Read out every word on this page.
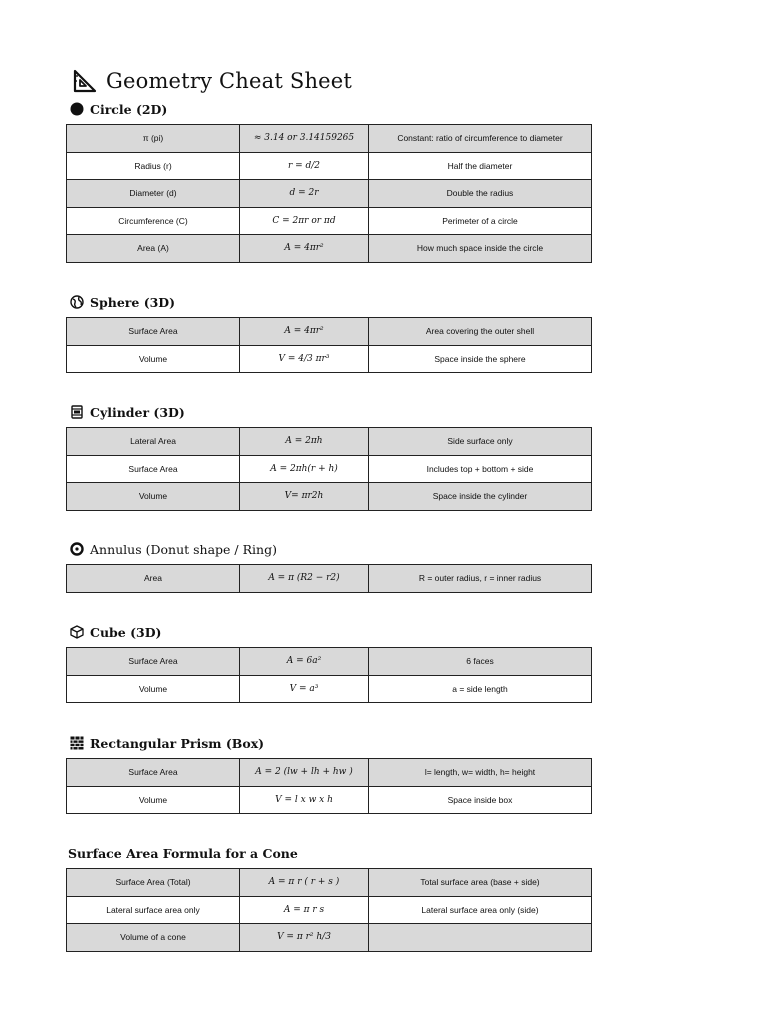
Geometry Cheat Sheet
Circle (2D)
π (pi)	≈ 3.14 or 3.14159265	Constant: ratio of circumference to diameter
Radius (r)	r = d/2	Half the diameter
Diameter (d)	d = 2r	Double the radius
Circumference (C)	C = 2πr or πd	Perimeter of a circle
Area (A)	A = 4πr²	How much space inside the circle
Sphere (3D)
Surface Area	A = 4πr²	Area covering the outer shell
Volume	V = 4/3 πr³	Space inside the sphere
Cylinder (3D)
Lateral Area	A = 2πh	Side surface only
Surface Area	A = 2πh(r + h)	Includes top + bottom + side
Volume	V= πr2h	Space inside the cylinder
Annulus (Donut shape / Ring)
Area	A = π (R2 − r2)	R = outer radius, r = inner radius
Cube (3D)
Surface Area	A = 6a²	6 faces
Volume	V = a³	a = side length
Rectangular Prism (Box)
Surface Area	A = 2 (lw + lh + hw )	l= length, w= width, h= height
Volume	V = l x w x h	Space inside box
Surface Area Formula for a Cone
Surface Area (Total)	A = π r ( r + s )	Total surface area (base + side)
Lateral surface area only	A = π r s	Lateral surface area only (side)
Volume of a cone	V = π r² h/3	
